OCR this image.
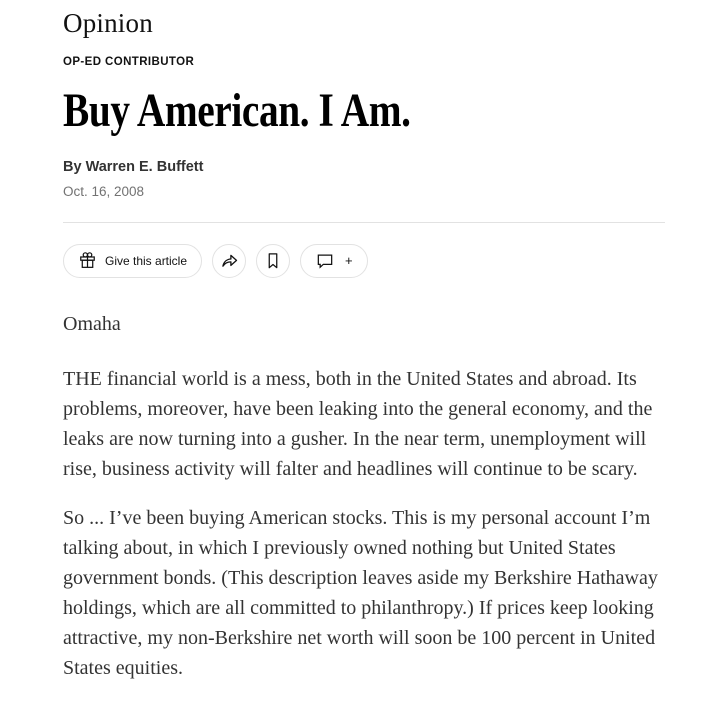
Opinion
OP-ED CONTRIBUTOR
Buy American. I Am.
By Warren E. Buffett
Oct. 16, 2008
Give this article	+

Omaha

THE financial world is a mess, both in the United States and abroad. Its problems, moreover, have been leaking into the general economy, and the leaks are now turning into a gusher. In the near term, unemployment will rise, business activity will falter and headlines will continue to be scary.

So ... I’ve been buying American stocks. This is my personal account I’m talking about, in which I previously owned nothing but United States government bonds. (This description leaves aside my Berkshire Hathaway holdings, which are all committed to philanthropy.) If prices keep looking attractive, my non-Berkshire net worth will soon be 100 percent in United States equities.
